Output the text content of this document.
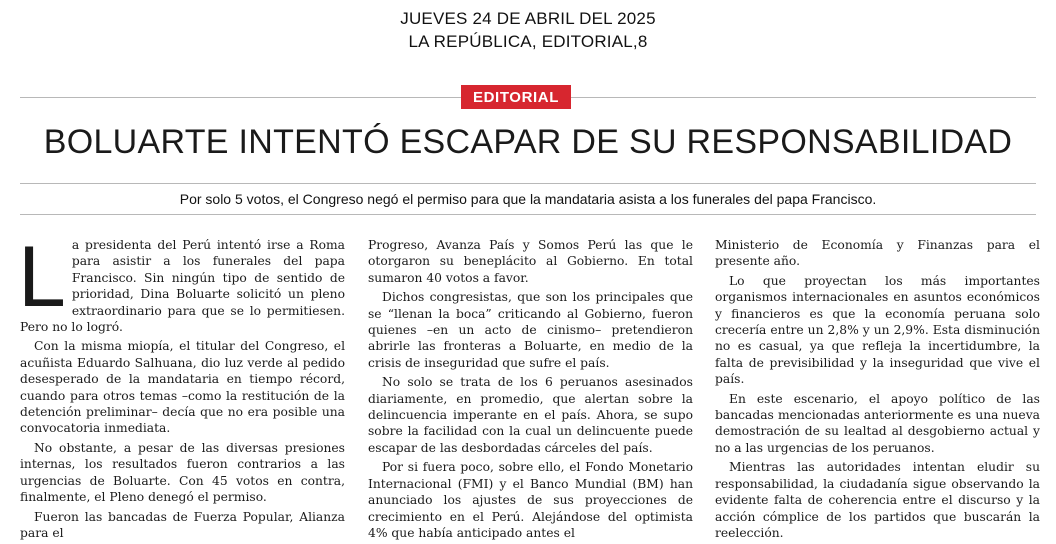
JUEVES 24 DE ABRIL DEL 2025
LA REPÚBLICA, EDITORIAL,8
EDITORIAL
BOLUARTE INTENTÓ ESCAPAR DE SU RESPONSABILIDAD
Por solo 5 votos, el Congreso negó el permiso para que la mandataria asista a los funerales del papa Francisco.

La presidenta del Perú intentó irse a Roma para asistir a los funerales del papa Francisco. Sin ningún tipo de sentido de prioridad, Dina Boluarte solicitó un pleno extraordinario para que se lo permitiesen. Pero no lo logró.

Con la misma miopía, el titular del Congreso, el acuñista Eduardo Salhuana, dio luz verde al pedido desesperado de la mandataria en tiempo récord, cuando para otros temas –como la restitución de la detención preliminar– decía que no era posible una convocatoria inmediata.

No obstante, a pesar de las diversas presiones internas, los resultados fueron contrarios a las urgencias de Boluarte. Con 45 votos en contra, finalmente, el Pleno denegó el permiso.

Fueron las bancadas de Fuerza Popular, Alianza para el

Progreso, Avanza País y Somos Perú las que le otorgaron su beneplácito al Gobierno. En total sumaron 40 votos a favor.

Dichos congresistas, que son los principales que se “llenan la boca” criticando al Gobierno, fueron quienes –en un acto de cinismo– pretendieron abrirle las fronteras a Boluarte, en medio de la crisis de inseguridad que sufre el país.

No solo se trata de los 6 peruanos asesinados diariamente, en promedio, que alertan sobre la delincuencia imperante en el país. Ahora, se supo sobre la facilidad con la cual un delincuente puede escapar de las desbordadas cárceles del país.

Por si fuera poco, sobre ello, el Fondo Monetario Internacional (FMI) y el Banco Mundial (BM) han anunciado los ajustes de sus proyecciones de crecimiento en el Perú. Alejándose del optimista 4% que había anticipado antes el

Ministerio de Economía y Finanzas para el presente año.

Lo que proyectan los más importantes organismos internacionales en asuntos económicos y financieros es que la economía peruana solo crecería entre un 2,8% y un 2,9%. Esta disminución no es casual, ya que refleja la incertidumbre, la falta de previsibilidad y la inseguridad que vive el país.

En este escenario, el apoyo político de las bancadas mencionadas anteriormente es una nueva demostración de su lealtad al desgobierno actual y no a las urgencias de los peruanos.

Mientras las autoridades intentan eludir su responsabilidad, la ciudadanía sigue observando la evidente falta de coherencia entre el discurso y la acción cómplice de los partidos que buscarán la reelección.
